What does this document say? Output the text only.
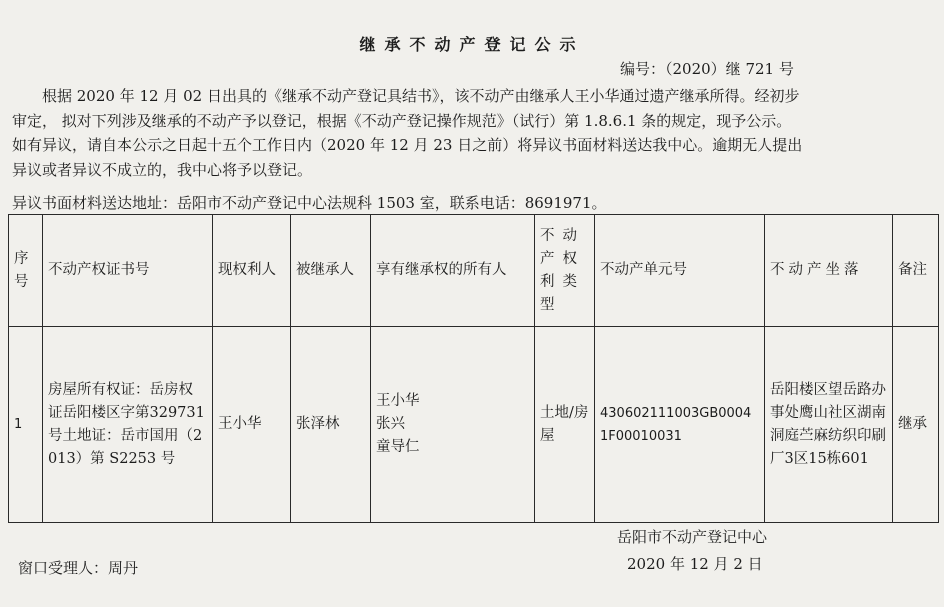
继承不动产登记公示
编号：（2020）继 721 号

根据 2020 年 12 月 02 日出具的《继承不动产登记具结书》，该不动产由继承人王小华通过遗产继承所得。经初步

审定， 拟对下列涉及继承的不动产予以登记，根据《不动产登记操作规范》（试行）第 1.8.6.1 条的规定，现予公示。

如有异议，请自本公示之日起十五个工作日内（2020 年 12 月 23 日之前）将异议书面材料送达我中心。逾期无人提出

异议或者异议不成立的，我中心将予以登记。

异议书面材料送达地址：岳阳市不动产登记中心法规科 1503 室，联系电话：8691971。
序号	不动产权证书号	现权利人	被继承人	享有继承权的所有人	不动产权利类型	不动产单元号	不动产坐落	备注
1	房屋所有权证：岳房权证岳阳楼区字第329731 号土地证：岳市国用（2013）第 S2253 号	王小华	张泽林	王小华
张兴
童导仁	土地/房屋	430602111003GB00041F00010031	岳阳楼区望岳路办事处鹰山社区湖南洞庭苎麻纺织印刷厂3区15栋601	继承
岳阳市不动产登记中心
2020 年 12 月 2 日
窗口受理人：周丹
